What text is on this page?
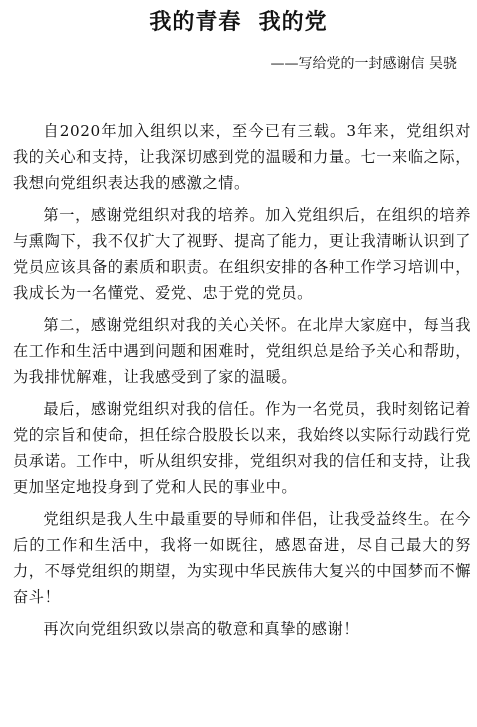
我的青春  我的党
——写给党的一封感谢信 吴骁

自2020年加入组织以来，至今已有三载。3年来，党组织对我的关心和支持，让我深切感到党的温暖和力量。七一来临之际，我想向党组织表达我的感激之情。

第一，感谢党组织对我的培养。加入党组织后，在组织的培养与熏陶下，我不仅扩大了视野、提高了能力，更让我清晰认识到了党员应该具备的素质和职责。在组织安排的各种工作学习培训中，我成长为一名懂党、爱党、忠于党的党员。

第二，感谢党组织对我的关心关怀。在北岸大家庭中，每当我在工作和生活中遇到问题和困难时，党组织总是给予关心和帮助，为我排忧解难，让我感受到了家的温暖。

最后，感谢党组织对我的信任。作为一名党员，我时刻铭记着党的宗旨和使命，担任综合股股长以来，我始终以实际行动践行党员承诺。工作中，听从组织安排，党组织对我的信任和支持，让我更加坚定地投身到了党和人民的事业中。

党组织是我人生中最重要的导师和伴侣，让我受益终生。在今后的工作和生活中，我将一如既往，感恩奋进，尽自己最大的努力，不辱党组织的期望，为实现中华民族伟大复兴的中国梦而不懈奋斗！

再次向党组织致以崇高的敬意和真挚的感谢！
